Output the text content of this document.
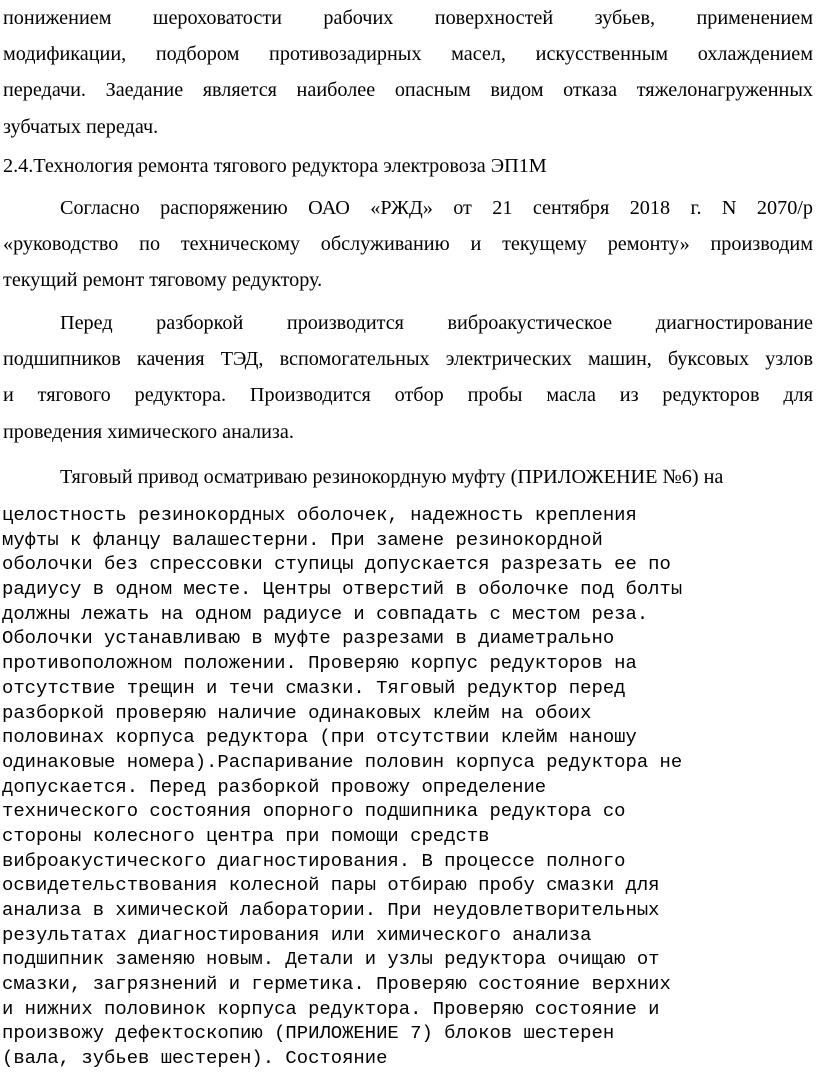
понижением шероховатости рабочих поверхностей зубьев, применением
модификации, подбором противозадирных масел, искусственным охлаждением
передачи. Заедание является наиболее опасным видом отказа тяжелонагруженных
зубчатых передач.
2.4.Технология ремонта тягового редуктора электровоза ЭП1М
Согласно распоряжению ОАО «РЖД» от 21 сентября 2018 г. N 2070/р
«руководство по техническому обслуживанию и текущему ремонту» производим
текущий ремонт тяговому редуктору.
Перед разборкой производится виброакустическое диагностирование
подшипников качения ТЭД, вспомогательных электрических машин, буксовых узлов
и тягового редуктора. Производится отбор пробы масла из редукторов для
проведения химического анализа.
Тяговый привод осматриваю резинокордную муфту (ПРИЛОЖЕНИЕ №6) на
целостность резинокордных оболочек, надежность крепления
муфты к фланцу валашестерни. При замене резинокордной
оболочки без спрессовки ступицы допускается разрезать ее по
радиусу в одном месте. Центры отверстий в оболочке под болты
должны лежать на одном радиусе и совпадать с местом реза.
Оболочки устанавливаю в муфте разрезами в диаметрально
противоположном положении. Проверяю корпус редукторов на
отсутствие трещин и течи смазки. Тяговый редуктор перед
разборкой проверяю наличие одинаковых клейм на обоих
половинах корпуса редуктора (при отсутствии клейм наношу
одинаковые номера).Распаривание половин корпуса редуктора не
допускается. Перед разборкой провожу определение
технического состояния опорного подшипника редуктора со
стороны колесного центра при помощи средств
виброакустического диагностирования. В процессе полного
освидетельствования колесной пары отбираю пробу смазки для
анализа в химической лаборатории. При неудовлетворительных
результатах диагностирования или химического анализа
подшипник заменяю новым. Детали и узлы редуктора очищаю от
смазки, загрязнений и герметика. Проверяю состояние верхних
и нижних половинок корпуса редуктора. Проверяю состояние и
произвожу дефектоскопию (ПРИЛОЖЕНИЕ 7) блоков шестерен
(вала, зубьев шестерен). Состояние
